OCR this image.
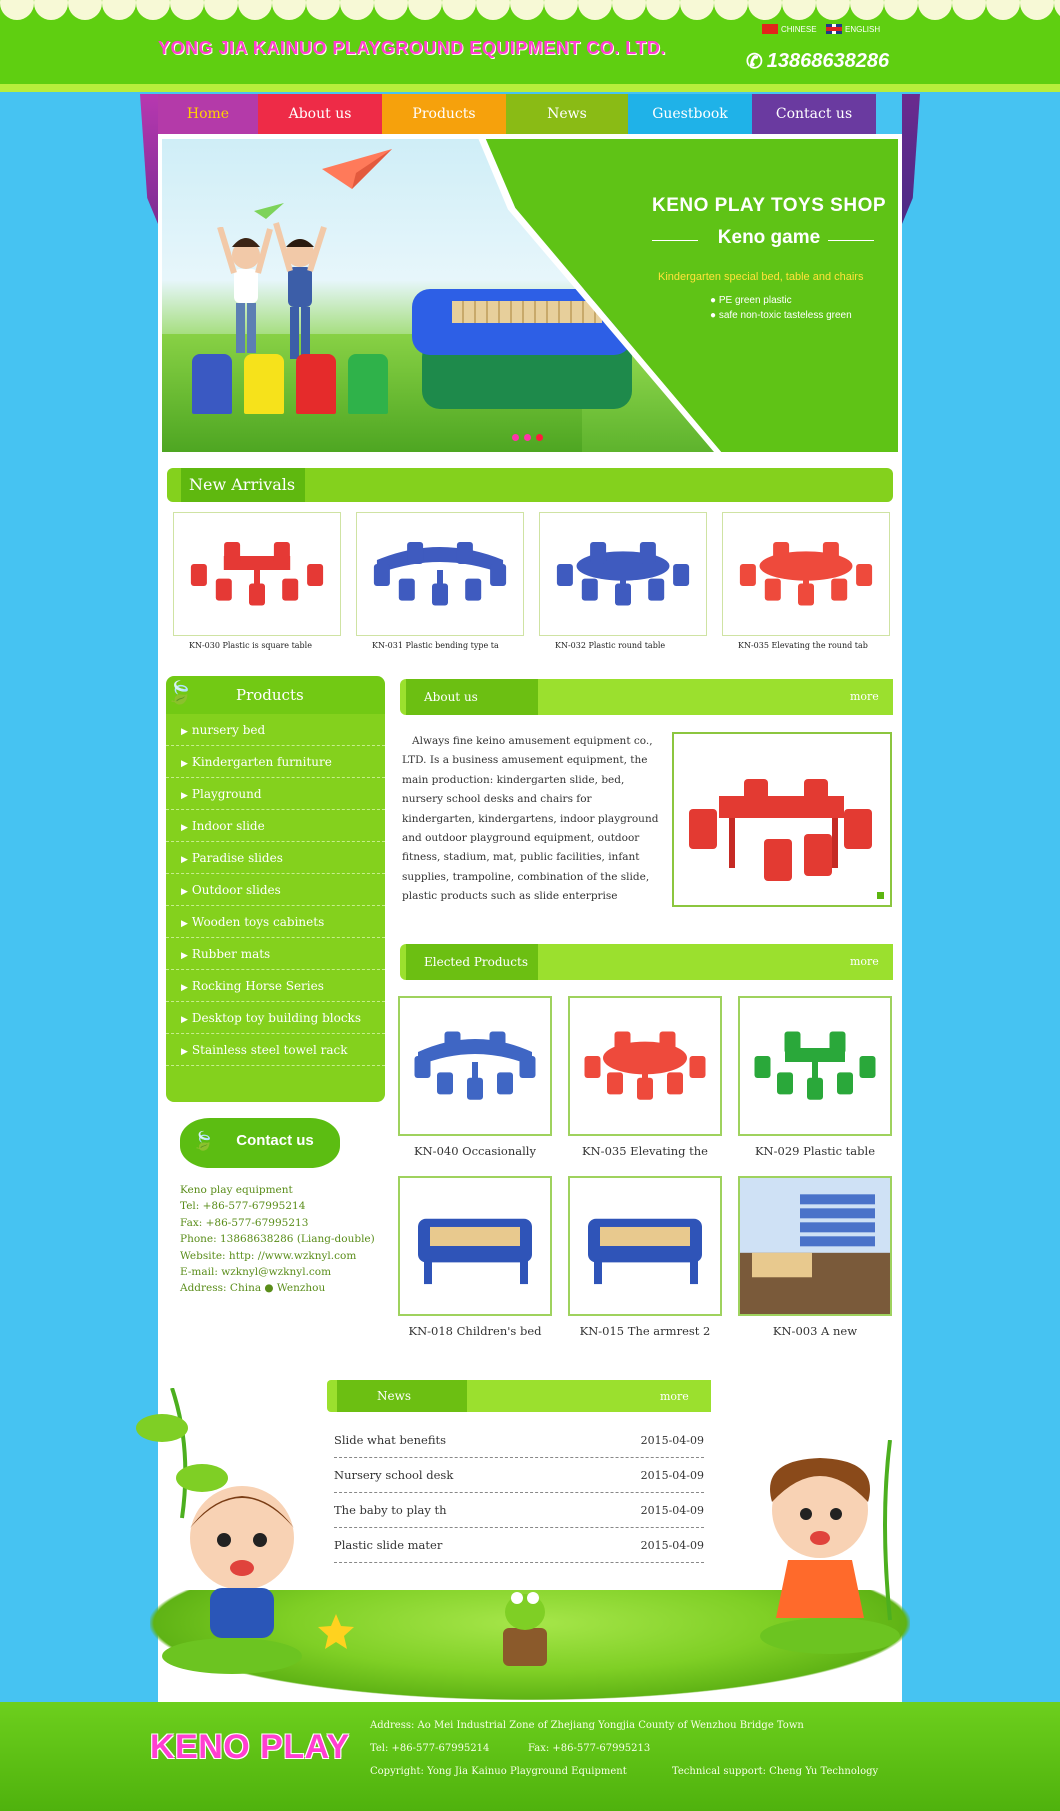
YONG JIA KAINUO PLAYGROUND EQUIPMENT CO. LTD.
CHINESE	ENGLISH
✆ 13868638286
Home	About us	Products	News	Guestbook	Contact us
KENO PLAY TOYS SHOP
Keno game
Kindergarten special bed, table and chairs
● PE green plastic
● safe non-toxic tasteless green
New Arrivals
KN-030 Plastic is square table	KN-031 Plastic bending type ta	KN-032 Plastic round table	KN-035 Elevating the round tab
🍃	Products
▶ nursery bed
▶ Kindergarten furniture
▶ Playground
▶ Indoor slide
▶ Paradise slides
▶ Outdoor slides
▶ Wooden toys cabinets
▶ Rubber mats
▶ Rocking Horse Series
▶ Desktop toy building blocks
▶ Stainless steel towel rack
🍃 Contact us
Keno play equipment
Tel: +86-577-67995214
Fax: +86-577-67995213
Phone: 13868638286 (Liang-double)
Website: http: //www.wzknyl.com
E-mail: wzknyl@wzknyl.com
Address: China ● Wenzhou
About us	more
Always fine keino amusement equipment co., LTD. Is a business amusement equipment, the main production: kindergarten slide, bed, nursery school desks and chairs for kindergarten, kindergartens, indoor playground and outdoor playground equipment, outdoor fitness, stadium, mat, public facilities, infant supplies, trampoline, combination of the slide, plastic products such as slide enterprise
Elected Products	more
KN-040 Occasionally	KN-035 Elevating the	KN-029 Plastic table
KN-018 Children's bed	KN-015 The armrest 2	KN-003 A new
News	more
Slide what benefits	2015-04-09
Nursery school desk	2015-04-09
The baby to play th	2015-04-09
Plastic slide mater	2015-04-09
KENO PLAY
Address: Ao Mei Industrial Zone of Zhejiang Yongjia County of Wenzhou Bridge Town
Tel: +86-577-67995214	Fax: +86-577-67995213
Copyright: Yong Jia Kainuo Playground Equipment	Technical support: Cheng Yu Technology
